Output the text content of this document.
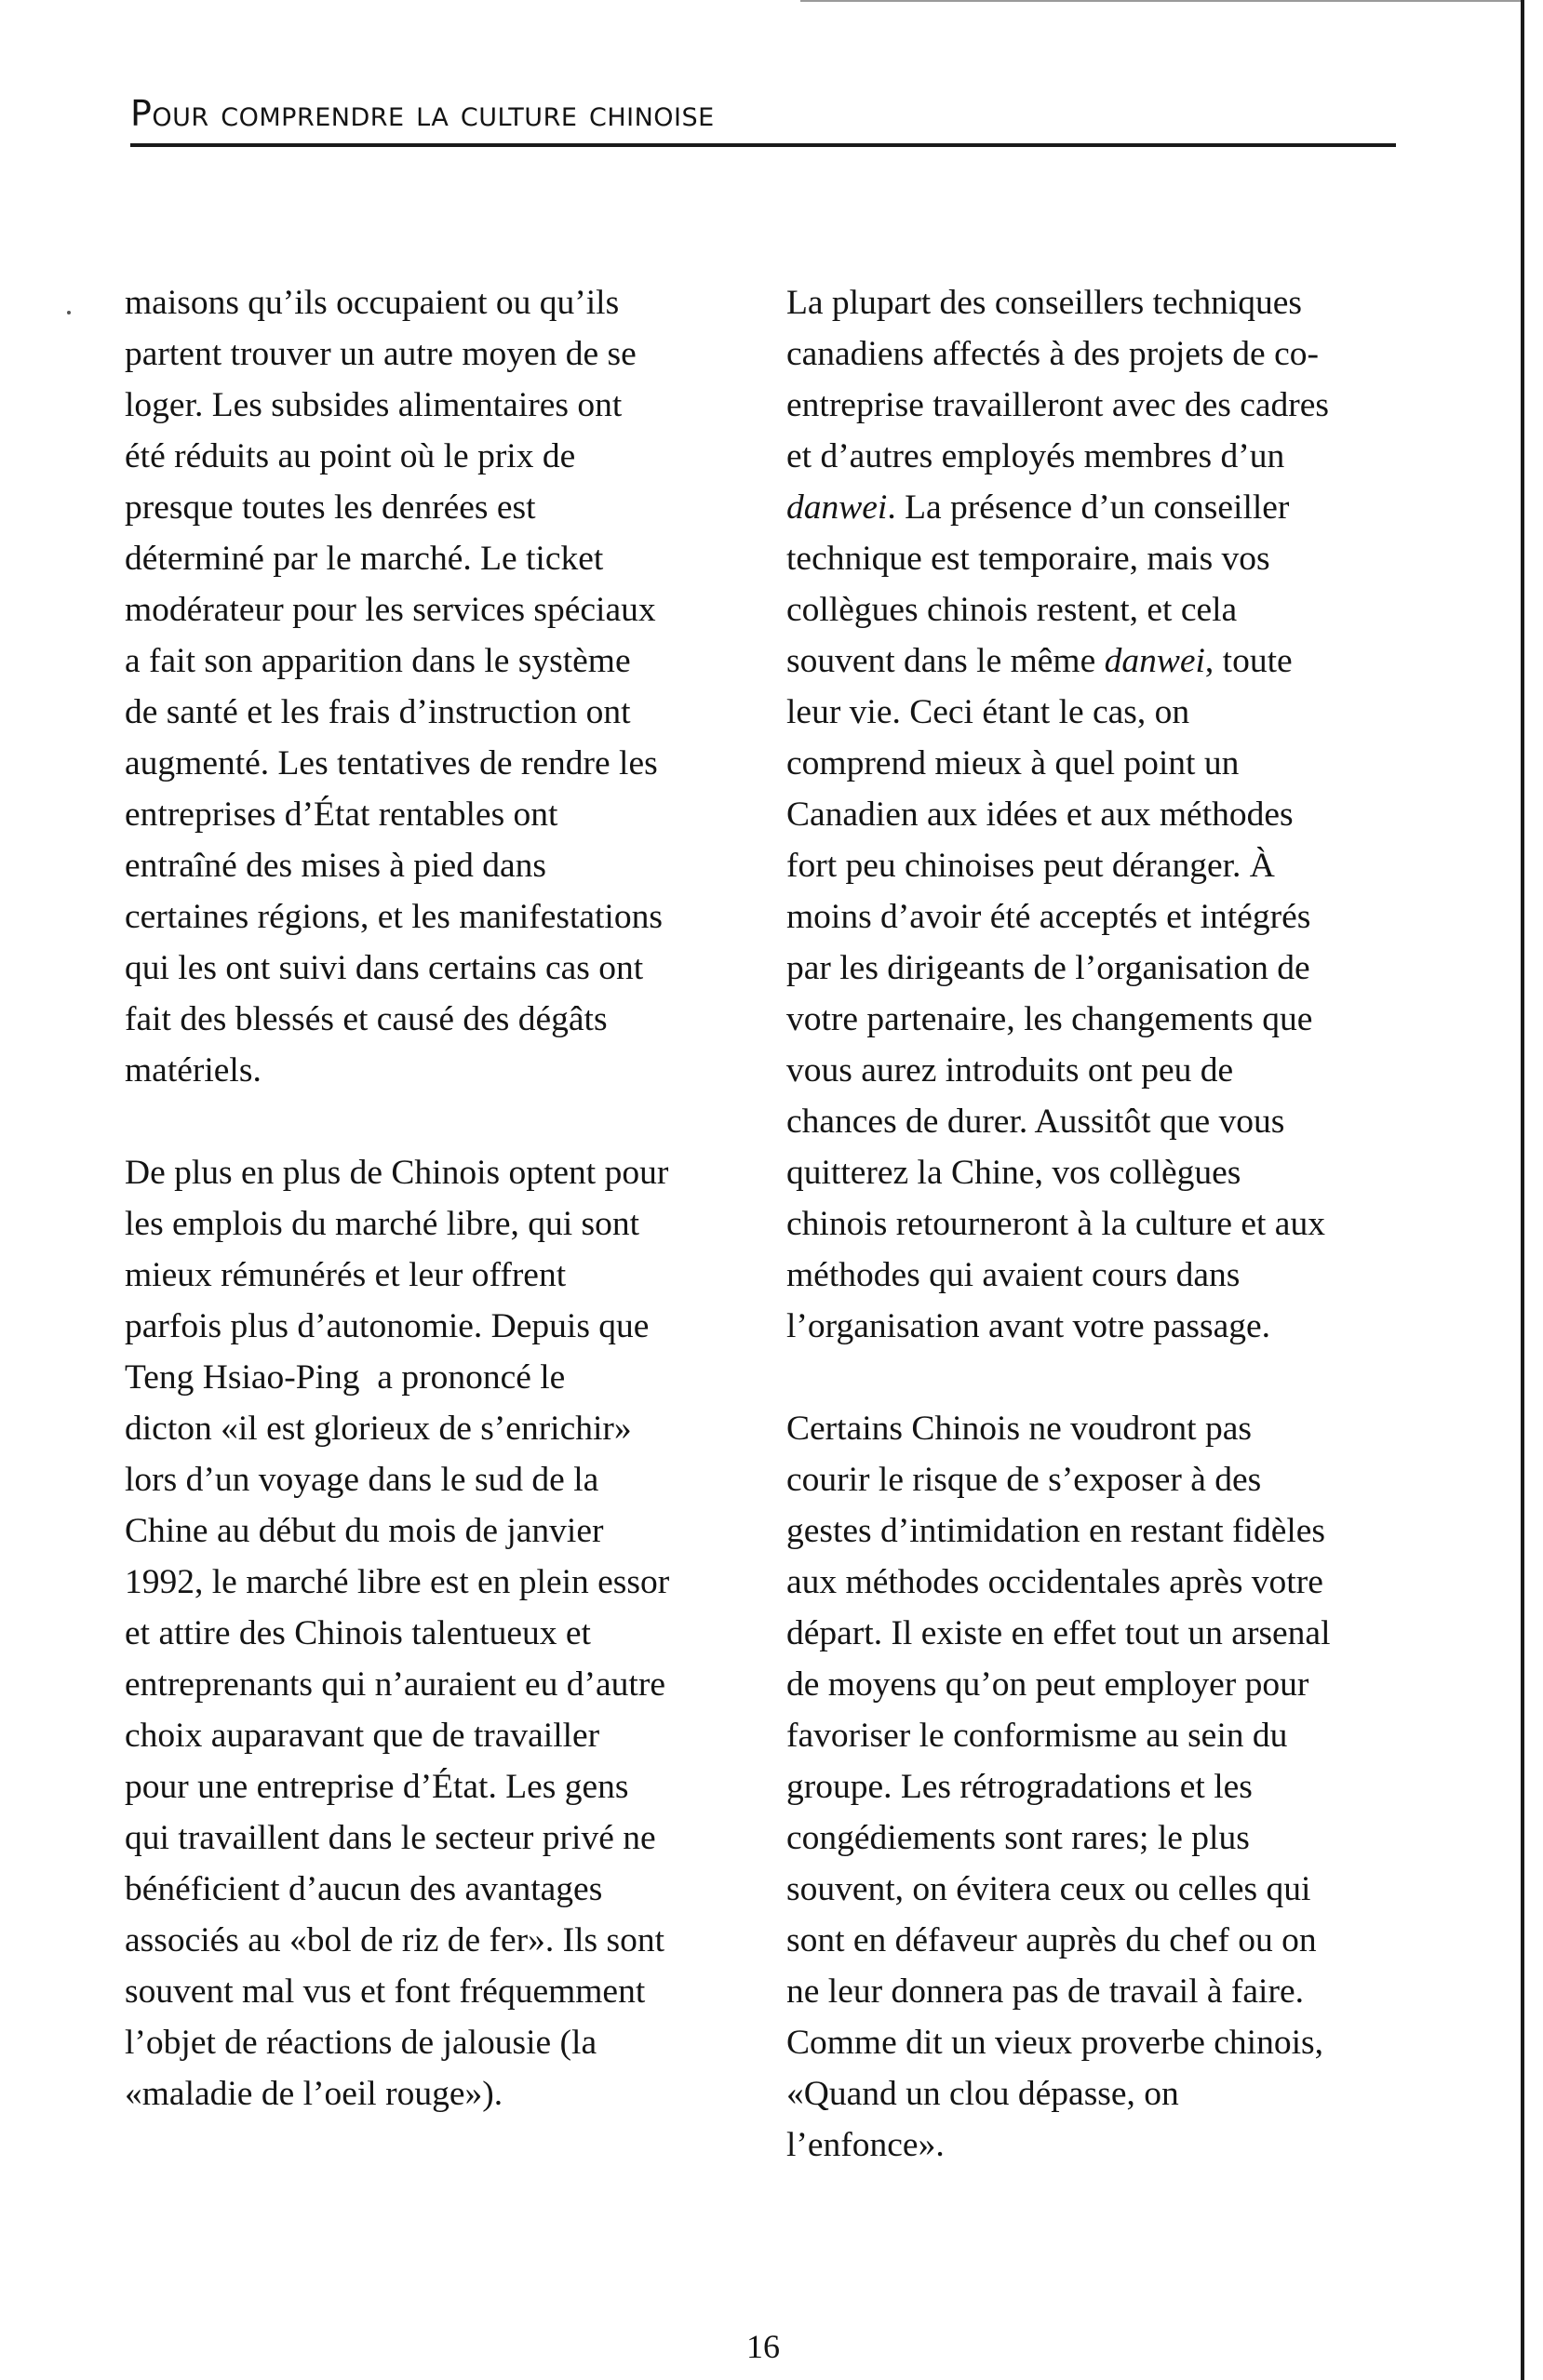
Pour comprendre la culture chinoise

maisons qu’ils occupaient ou qu’ils
partent trouver un autre moyen de se
loger. Les subsides alimentaires ont
été réduits au point où le prix de
presque toutes les denrées est
déterminé par le marché. Le ticket
modérateur pour les services spéciaux
a fait son apparition dans le système
de santé et les frais d’instruction ont
augmenté. Les tentatives de rendre les
entreprises d’État rentables ont
entraîné des mises à pied dans
certaines régions, et les manifestations
qui les ont suivi dans certains cas ont
fait des blessés et causé des dégâts
matériels.

De plus en plus de Chinois optent pour
les emplois du marché libre, qui sont
mieux rémunérés et leur offrent
parfois plus d’autonomie. Depuis que
Teng Hsiao-Ping  a prononcé le
dicton «il est glorieux de s’enrichir»
lors d’un voyage dans le sud de la
Chine au début du mois de janvier
1992, le marché libre est en plein essor
et attire des Chinois talentueux et
entreprenants qui n’auraient eu d’autre
choix auparavant que de travailler
pour une entreprise d’État. Les gens
qui travaillent dans le secteur privé ne
bénéficient d’aucun des avantages
associés au «bol de riz de fer». Ils sont
souvent mal vus et font fréquemment
l’objet de réactions de jalousie (la
«maladie de l’oeil rouge»).

La plupart des conseillers techniques
canadiens affectés à des projets de co-
entreprise travailleront avec des cadres
et d’autres employés membres d’un
danwei. La présence d’un conseiller
technique est temporaire, mais vos
collègues chinois restent, et cela
souvent dans le même danwei, toute
leur vie. Ceci étant le cas, on
comprend mieux à quel point un
Canadien aux idées et aux méthodes
fort peu chinoises peut déranger. À
moins d’avoir été acceptés et intégrés
par les dirigeants de l’organisation de
votre partenaire, les changements que
vous aurez introduits ont peu de
chances de durer. Aussitôt que vous
quitterez la Chine, vos collègues
chinois retourneront à la culture et aux
méthodes qui avaient cours dans
l’organisation avant votre passage.

Certains Chinois ne voudront pas
courir le risque de s’exposer à des
gestes d’intimidation en restant fidèles
aux méthodes occidentales après votre
départ. Il existe en effet tout un arsenal
de moyens qu’on peut employer pour
favoriser le conformisme au sein du
groupe. Les rétrogradations et les
congédiements sont rares; le plus
souvent, on évitera ceux ou celles qui
sont en défaveur auprès du chef ou on
ne leur donnera pas de travail à faire.
Comme dit un vieux proverbe chinois,
«Quand un clou dépasse, on
l’enfonce».

16
